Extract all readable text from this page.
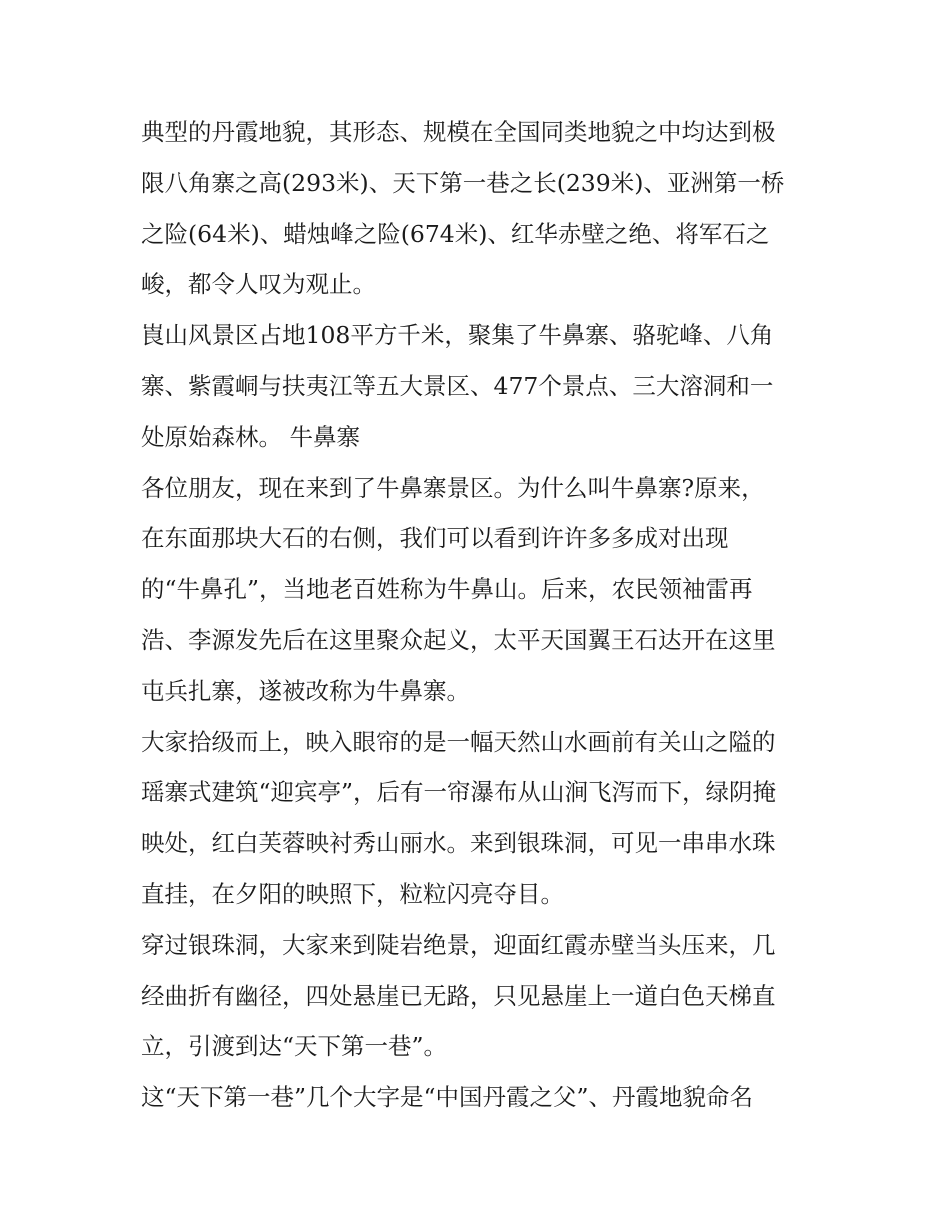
典型的丹霞地貌，其形态、规模在全国同类地貌之中均达到极
限八角寨之高(293米)、天下第一巷之长(239米)、亚洲第一桥
之险(64米)、蜡烛峰之险(674米)、红华赤壁之绝、将军石之
峻，都令人叹为观止。
崀山风景区占地108平方千米，聚集了牛鼻寨、骆驼峰、八角
寨、紫霞峒与扶夷江等五大景区、477个景点、三大溶洞和一
处原始森林。 牛鼻寨
各位朋友，现在来到了牛鼻寨景区。为什么叫牛鼻寨?原来，
在东面那块大石的右侧，我们可以看到许许多多成对出现
的“牛鼻孔”，当地老百姓称为牛鼻山。后来，农民领袖雷再
浩、李源发先后在这里聚众起义，太平天国翼王石达开在这里
屯兵扎寨，遂被改称为牛鼻寨。
大家拾级而上，映入眼帘的是一幅天然山水画前有关山之隘的
瑶寨式建筑“迎宾亭”，后有一帘瀑布从山涧飞泻而下，绿阴掩
映处，红白芙蓉映衬秀山丽水。来到银珠洞，可见一串串水珠
直挂，在夕阳的映照下，粒粒闪亮夺目。
穿过银珠洞，大家来到陡岩绝景，迎面红霞赤壁当头压来，几
经曲折有幽径，四处悬崖已无路，只见悬崖上一道白色天梯直
立，引渡到达“天下第一巷”。
这“天下第一巷”几个大字是“中国丹霞之父”、丹霞地貌命名
